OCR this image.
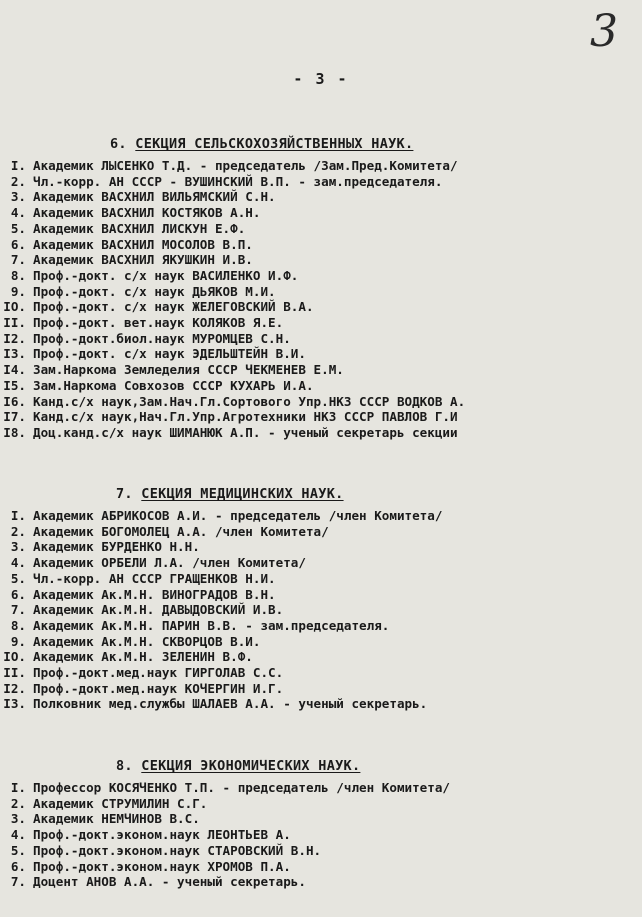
3
- 3 -
6. СЕКЦИЯ СЕЛЬСКОХОЗЯЙСТВЕННЫХ НАУК.
I. Академик ЛЫСЕНКО Т.Д. - председатель /Зам.Пред.Комитета/
2. Чл.-корр. АН СССР - ВУШИНСКИЙ В.П. - зам.председателя.
3. Академик ВАСХНИЛ ВИЛЬЯМСКИЙ С.Н.
4. Академик ВАСХНИЛ КОСТЯКОВ А.Н.
5. Академик ВАСХНИЛ ЛИСКУН Е.Ф.
6. Академик ВАСХНИЛ МОСОЛОВ В.П.
7. Академик ВАСХНИЛ ЯКУШКИН И.В.
8. Проф.-докт. с/х наук ВАСИЛЕНКО И.Ф.
9. Проф.-докт. с/х наук ДЬЯКОВ М.И.
IO. Проф.-докт. с/х наук ЖЕЛЕГОВСКИЙ В.А.
II. Проф.-докт. вет.наук КОЛЯКОВ Я.Е.
I2. Проф.-докт.биол.наук МУРОМЦЕВ С.Н.
I3. Проф.-докт. с/х наук ЭДЕЛЬШТЕЙН В.И.
I4. Зам.Наркома Земледелия СССР ЧЕКМЕНЕВ Е.М.
I5. Зам.Наркома Совхозов СССР КУХАРЬ И.А.
I6. Канд.с/х наук,Зам.Нач.Гл.Сортового Упр.НКЗ СССР ВОДКОВ А.
I7. Канд.с/х наук,Нач.Гл.Упр.Агротехники НКЗ СССР ПАВЛОВ Г.И
I8. Доц.канд.с/х наук ШИМАНЮК А.П. - ученый секретарь секции
7. СЕКЦИЯ МЕДИЦИНСКИХ НАУК.
I. Академик АБРИКОСОВ А.И. - председатель /член Комитета/
2. Академик БОГОМОЛЕЦ А.А. /член Комитета/
3. Академик БУРДЕНКО Н.Н.
4. Академик ОРБЕЛИ Л.А. /член Комитета/
5. Чл.-корр. АН СССР ГРАЩЕНКОВ Н.И.
6. Академик Ак.М.Н. ВИНОГРАДОВ В.Н.
7. Академик Ак.М.Н. ДАВЫДОВСКИЙ И.В.
8. Академик Ак.М.Н. ПАРИН В.В. - зам.председателя.
9. Академик Ак.М.Н. СКВОРЦОВ В.И.
IO. Академик Ак.М.Н. ЗЕЛЕНИН В.Ф.
II. Проф.-докт.мед.наук ГИРГОЛАВ С.С.
I2. Проф.-докт.мед.наук КОЧЕРГИН И.Г.
I3. Полковник мед.службы ШАЛАЕВ А.А. - ученый секретарь.
8. СЕКЦИЯ ЭКОНОМИЧЕСКИХ НАУК.
I. Профессор КОСЯЧЕНКО Т.П. - председатель /член Комитета/
2. Академик СТРУМИЛИН С.Г.
3. Академик НЕМЧИНОВ В.С.
4. Проф.-докт.эконом.наук ЛЕОНТЬЕВ А.
5. Проф.-докт.эконом.наук СТАРОВСКИЙ В.Н.
6. Проф.-докт.эконом.наук ХРОМОВ П.А.
7. Доцент АНОВ А.А. - ученый секретарь.
